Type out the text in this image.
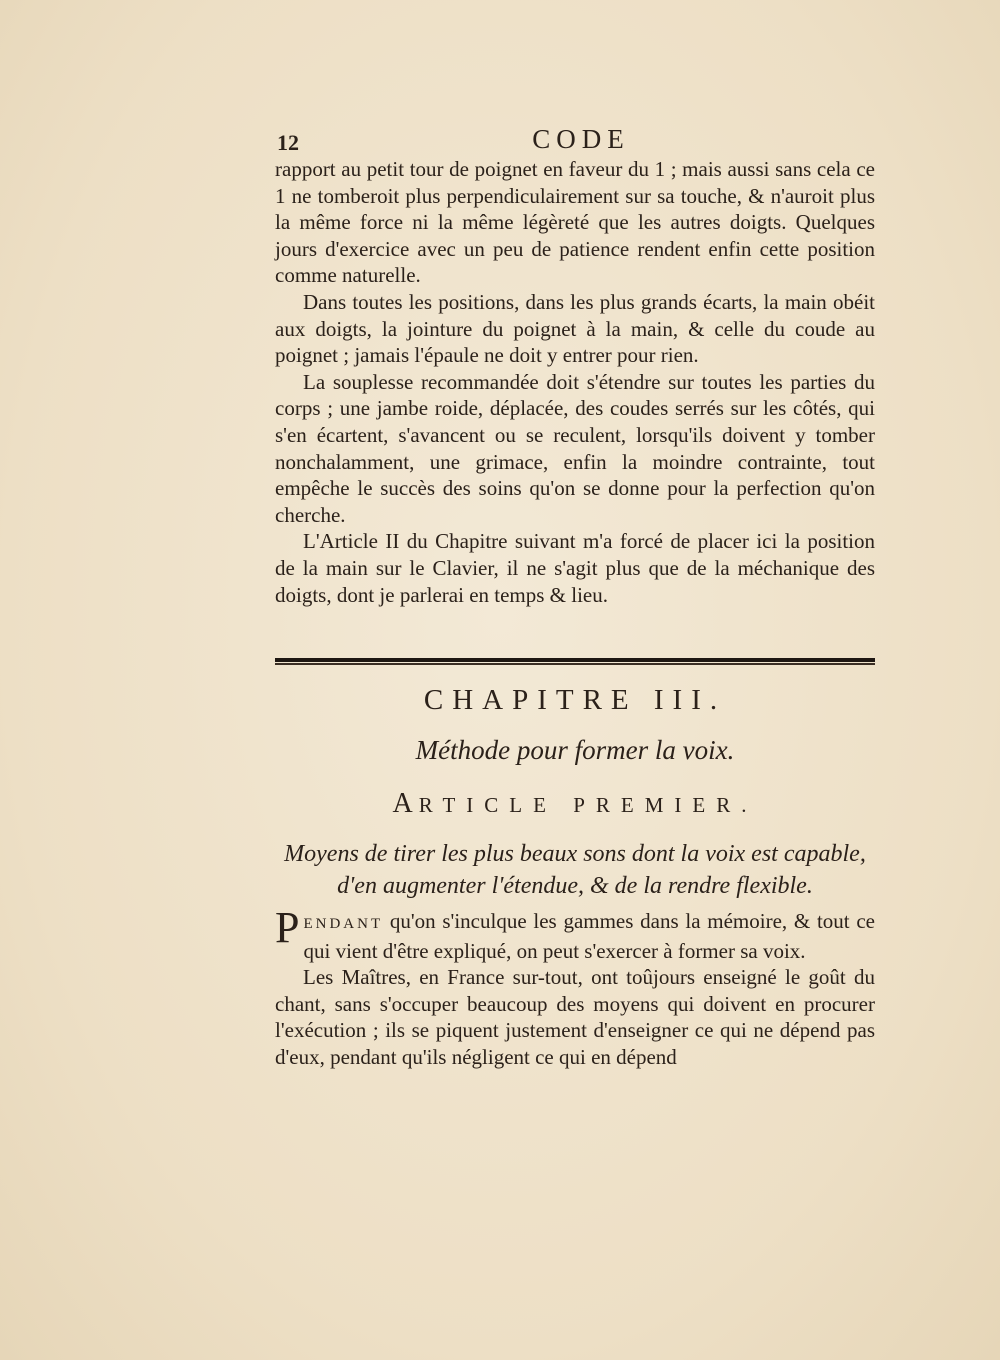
12	CODE

rapport au petit tour de poignet en faveur du 1 ; mais aussi sans cela ce 1 ne tomberoit plus perpendiculairement sur sa touche, & n'auroit plus la même force ni la même légèreté que les autres doigts. Quelques jours d'exercice avec un peu de patience rendent enfin cette position comme naturelle.

Dans toutes les positions, dans les plus grands écarts, la main obéit aux doigts, la jointure du poignet à la main, & celle du coude au poignet ; jamais l'épaule ne doit y entrer pour rien.

La souplesse recommandée doit s'étendre sur toutes les parties du corps ; une jambe roide, déplacée, des coudes serrés sur les côtés, qui s'en écartent, s'avancent ou se reculent, lorsqu'ils doivent y tomber nonchalamment, une grimace, enfin la moindre contrainte, tout empêche le succès des soins qu'on se donne pour la perfection qu'on cherche.

L'Article II du Chapitre suivant m'a forcé de placer ici la position de la main sur le Clavier, il ne s'agit plus que de la méchanique des doigts, dont je parlerai en temps & lieu.

CHAPITRE III.
Méthode pour former la voix.
ARTICLE PREMIER.
Moyens de tirer les plus beaux sons dont la voix est capable,
d'en augmenter l'étendue, & de la rendre flexible.

PENDANT qu'on s'inculque les gammes dans la mémoire, & tout ce qui vient d'être expliqué, on peut s'exercer à former sa voix.

Les Maîtres, en France sur-tout, ont toûjours enseigné le goût du chant, sans s'occuper beaucoup des moyens qui doivent en procurer l'exécution ; ils se piquent justement d'enseigner ce qui ne dépend pas d'eux, pendant qu'ils négligent ce qui en dépend
